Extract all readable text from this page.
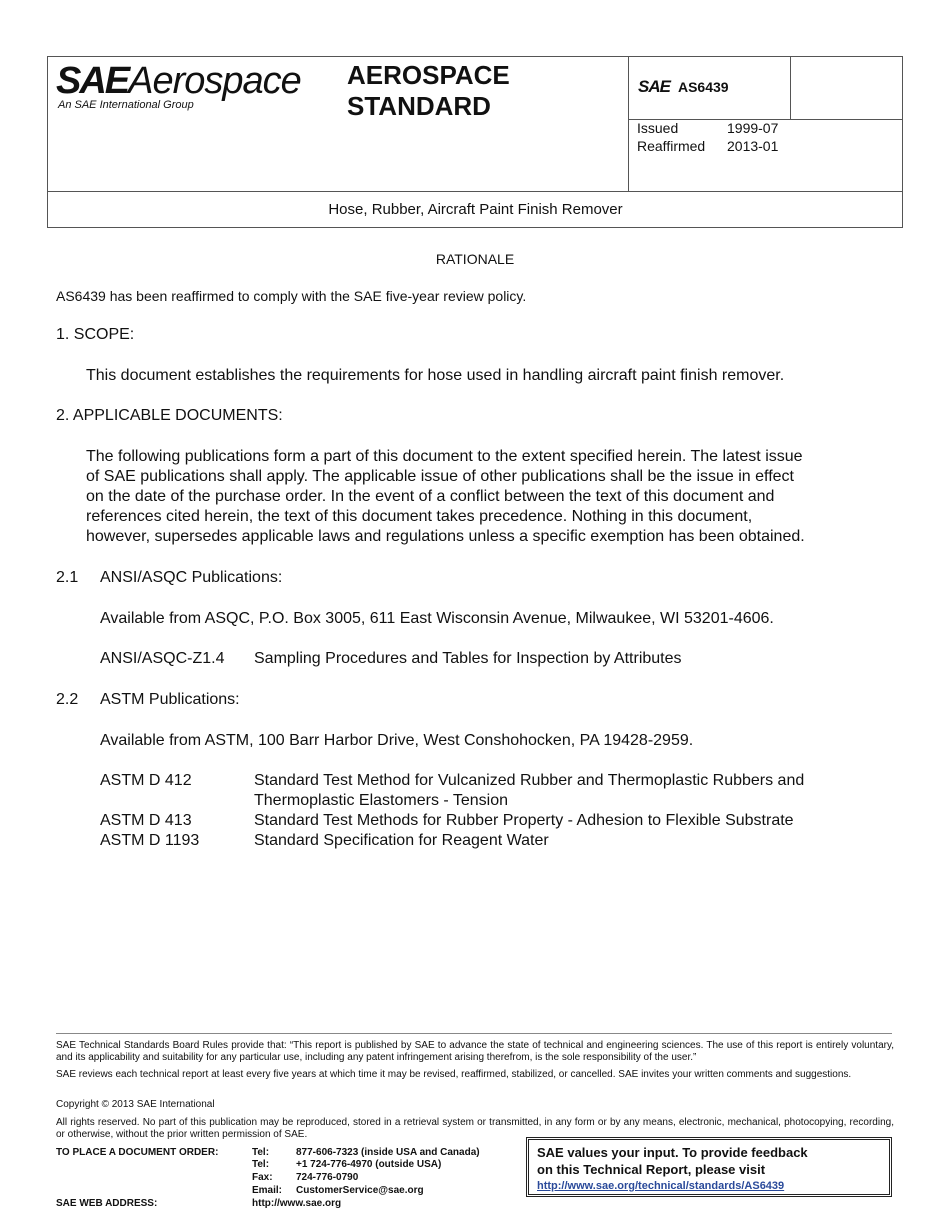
SAEAerospace
An SAE International Group
AEROSPACE
STANDARD
SAE AS6439
Issued	1999-07
Reaffirmed	2013-01
Hose, Rubber, Aircraft Paint Finish Remover
RATIONALE
AS6439 has been reaffirmed to comply with the SAE five-year review policy.
1. SCOPE:
This document establishes the requirements for hose used in handling aircraft paint finish remover.
2. APPLICABLE DOCUMENTS:
The following publications form a part of this document to the extent specified herein. The latest issue
of SAE publications shall apply. The applicable issue of other publications shall be the issue in effect
on the date of the purchase order. In the event of a conflict between the text of this document and
references cited herein, the text of this document takes precedence. Nothing in this document,
however, supersedes applicable laws and regulations unless a specific exemption has been obtained.
2.1 ANSI/ASQC Publications:
Available from ASQC, P.O. Box 3005, 611 East Wisconsin Avenue, Milwaukee, WI 53201-4606.
ANSI/ASQC-Z1.4 Sampling Procedures and Tables for Inspection by Attributes
2.2 ASTM Publications:
Available from ASTM, 100 Barr Harbor Drive, West Conshohocken, PA 19428-2959.
ASTM D 412	Standard Test Method for Vulcanized Rubber and Thermoplastic Rubbers and
Thermoplastic Elastomers - Tension
ASTM D 413	Standard Test Methods for Rubber Property - Adhesion to Flexible Substrate
ASTM D 1193	Standard Specification for Reagent Water
SAE Technical Standards Board Rules provide that: “This report is published by SAE to advance the state of technical and engineering sciences. The use of this report is entirely voluntary, and its applicability and suitability for any particular use, including any patent infringement arising therefrom, is the sole responsibility of the user.”
SAE reviews each technical report at least every five years at which time it may be revised, reaffirmed, stabilized, or cancelled. SAE invites your written comments and suggestions.
Copyright © 2013 SAE International
All rights reserved. No part of this publication may be reproduced, stored in a retrieval system or transmitted, in any form or by any means, electronic, mechanical, photocopying, recording, or otherwise, without the prior written permission of SAE.
TO PLACE A DOCUMENT ORDER:	Tel:	877-606-7323 (inside USA and Canada)
Tel:	+1 724-776-4970 (outside USA)
Fax: 724-776-0790
Email: CustomerService@sae.org
SAE WEB ADDRESS:	http://www.sae.org
SAE values your input. To provide feedback
on this Technical Report, please visit
http://www.sae.org/technical/standards/AS6439
